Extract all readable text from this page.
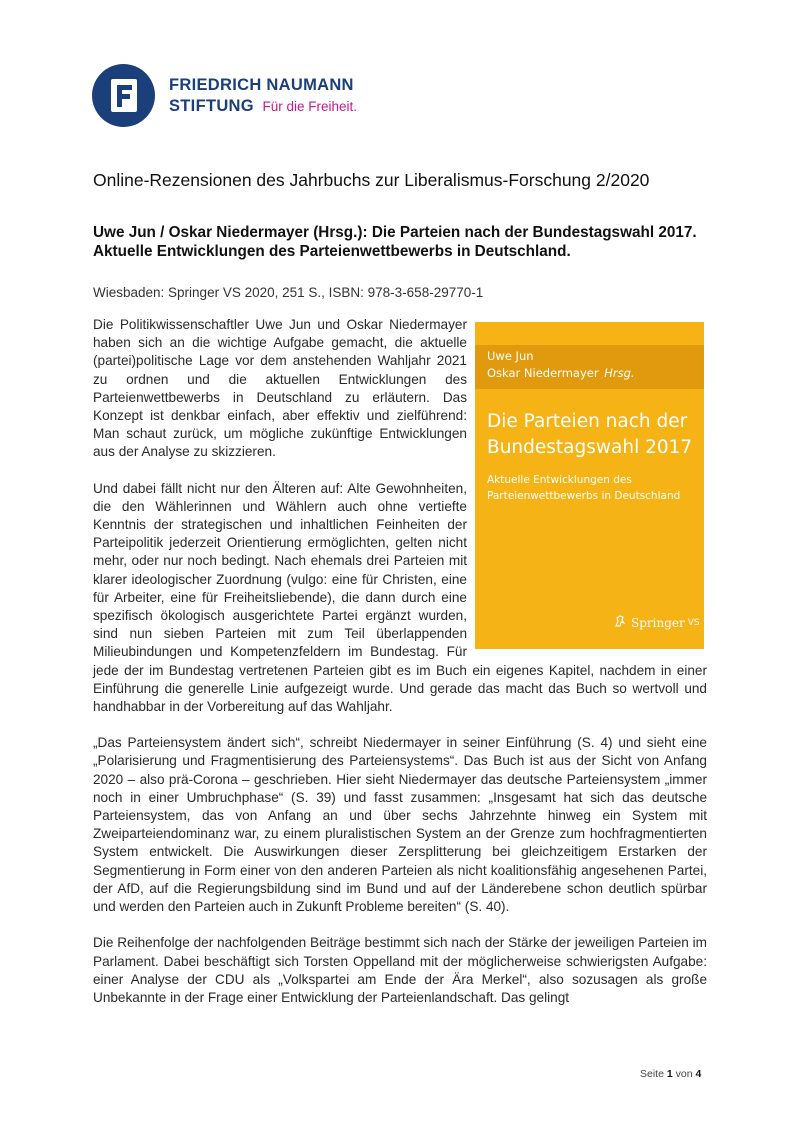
FRIEDRICH NAUMANN
STIFTUNG Für die Freiheit.
Online-Rezensionen des Jahrbuchs zur Liberalismus-Forschung 2/2020
Uwe Jun / Oskar Niedermayer (Hrsg.): Die Parteien nach der Bundestagswahl 2017. Aktuelle Entwicklungen des Parteienwettbewerbs in Deutschland.

Wiesbaden: Springer VS 2020, 251 S., ISBN: 978-3-658-29770-1

Uwe Jun
Oskar Niedermayer Hrsg.
Die Parteien nach der Bundestagswahl 2017
Aktuelle Entwicklungen des Parteienwettbewerbs in Deutschland
Springer VS

Die Politikwissenschaftler Uwe Jun und Oskar Niedermayer haben sich an die wichtige Aufgabe gemacht, die aktuelle (partei)politische Lage vor dem anstehenden Wahljahr 2021 zu ordnen und die aktuellen Entwicklungen des Parteienwettbewerbs in Deutschland zu erläutern. Das Konzept ist denkbar einfach, aber effektiv und zielführend: Man schaut zurück, um mögliche zukünftige Entwicklungen aus der Analyse zu skizzieren.

Und dabei fällt nicht nur den Älteren auf: Alte Gewohnheiten, die den Wählerinnen und Wählern auch ohne vertiefte Kenntnis der strategischen und inhaltlichen Feinheiten der Parteipolitik jederzeit Orientierung ermöglichten, gelten nicht mehr, oder nur noch bedingt. Nach ehemals drei Parteien mit klarer ideologischer Zuordnung (vulgo: eine für Christen, eine für Arbeiter, eine für Freiheitsliebende), die dann durch eine spezifisch ökologisch ausgerichtete Partei ergänzt wurden, sind nun sieben Parteien mit zum Teil überlappenden Milieubindungen und Kompetenzfeldern im Bundestag. Für jede der im Bundestag vertretenen Parteien gibt es im Buch ein eigenes Kapitel, nachdem in einer Einführung die generelle Linie aufgezeigt wurde. Und gerade das macht das Buch so wertvoll und handhabbar in der Vorbereitung auf das Wahljahr.

„Das Parteiensystem ändert sich“, schreibt Niedermayer in seiner Einführung (S. 4) und sieht eine „Polarisierung und Fragmentisierung des Parteiensystems“. Das Buch ist aus der Sicht von Anfang 2020 – also prä-Corona – geschrieben. Hier sieht Niedermayer das deutsche Parteiensystem „immer noch in einer Umbruchphase“ (S. 39) und fasst zusammen: „Insgesamt hat sich das deutsche Parteiensystem, das von Anfang an und über sechs Jahrzehnte hinweg ein System mit Zweiparteiendominanz war, zu einem pluralistischen System an der Grenze zum hochfragmentierten System entwickelt. Die Auswirkungen dieser Zersplitterung bei gleichzeitigem Erstarken der Segmentierung in Form einer von den anderen Parteien als nicht koalitionsfähig angesehenen Partei, der AfD, auf die Regierungsbildung sind im Bund und auf der Länderebene schon deutlich spürbar und werden den Parteien auch in Zukunft Probleme bereiten“ (S. 40).

Die Reihenfolge der nachfolgenden Beiträge bestimmt sich nach der Stärke der jeweiligen Parteien im Parlament. Dabei beschäftigt sich Torsten Oppelland mit der möglicherweise schwierigsten Aufgabe: einer Analyse der CDU als „Volkspartei am Ende der Ära Merkel“, also sozusagen als große Unbekannte in der Frage einer Entwicklung der Parteienlandschaft. Das gelingt

Seite 1 von 4
